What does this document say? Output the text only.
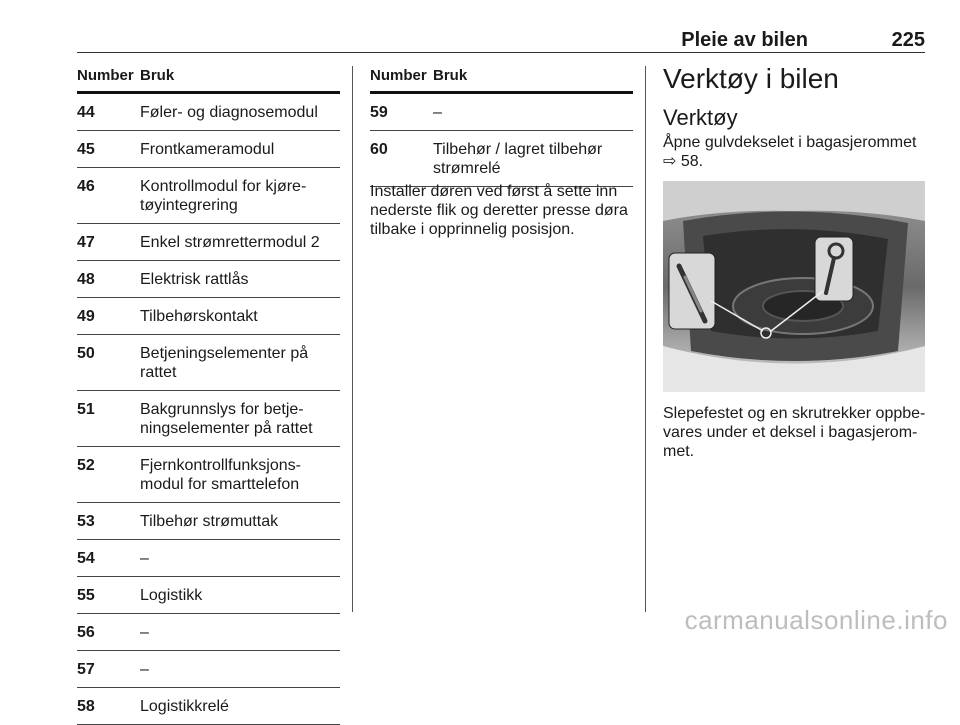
Pleie av bilen	225
Number Bruk
44	Føler- og diagnosemodul
45	Frontkameramodul
46	Kontrollmodul for kjøre-
tøyintegrering
47	Enkel strømrettermodul 2
48	Elektrisk rattlås
49	Tilbehørskontakt
50	Betjeningselementer på
rattet
51	Bakgrunnslys for betje-
ningselementer på rattet
52	Fjernkontrollfunksjons-
modul for smarttelefon
53	Tilbehør strømuttak
54	–
55	Logistikk
56	–
57	–
58	Logistikkrelé
Number Bruk
59	–
60	Tilbehør / lagret tilbehør
strømrelé
Installer døren ved først å sette inn
nederste flik og deretter presse døra
tilbake i opprinnelig posisjon.
Verktøy i bilen
Verktøy
Åpne gulvdekselet i bagasjerommet
⇨ 58.
Slepefestet og en skrutrekker oppbe-
vares under et deksel i bagasjerom-
met.
carmanualsonline.info
